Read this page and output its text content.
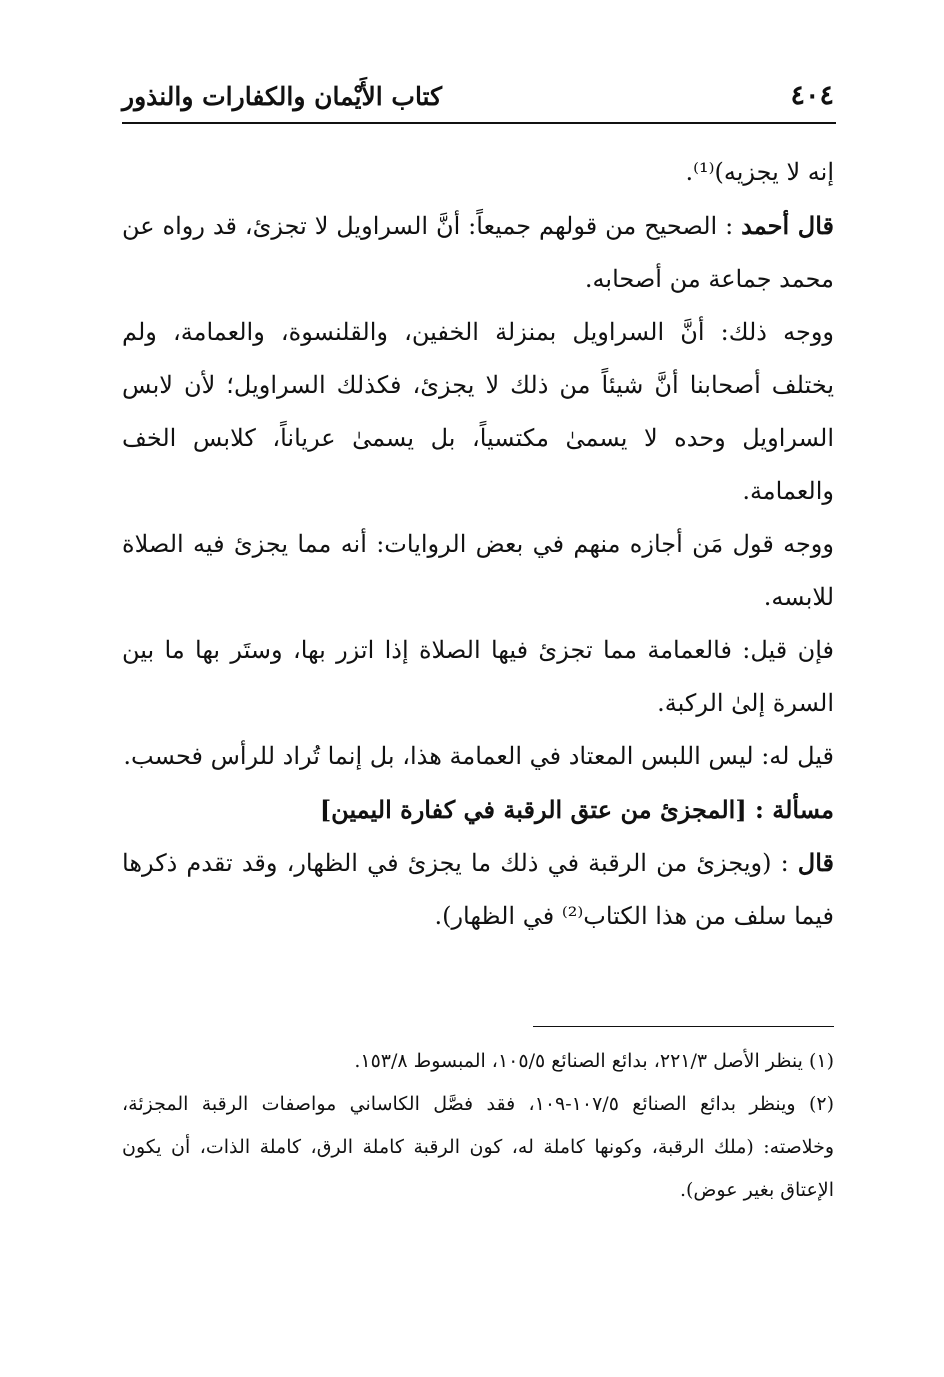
٤٠٤
كتاب الأَيْمان والكفارات والنذور

إنه لا يجزيه)⁽¹⁾.

قال أحمد : الصحيح من قولهم جميعاً: أنَّ السراويل لا تجزئ، قد رواه عن محمد جماعة من أصحابه.

ووجه ذلك: أنَّ السراويل بمنزلة الخفين، والقلنسوة، والعمامة، ولم يختلف أصحابنا أنَّ شيئاً من ذلك لا يجزئ، فكذلك السراويل؛ لأن لابس السراويل وحده لا يسمىٰ مكتسياً، بل يسمىٰ عرياناً، كلابس الخف والعمامة.

ووجه قول مَن أجازه منهم في بعض الروايات: أنه مما يجزئ فيه الصلاة للابسه.

فإن قيل: فالعمامة مما تجزئ فيها الصلاة إذا اتزر بها، وستَر بها ما بين السرة إلىٰ الركبة.

قيل له: ليس اللبس المعتاد في العمامة هذا، بل إنما تُراد للرأس فحسب.

مسألة : [المجزئ من عتق الرقبة في كفارة اليمين]

قال : (ويجزئ من الرقبة في ذلك ما يجزئ في الظهار، وقد تقدم ذكرها فيما سلف من هذا الكتاب⁽²⁾ في الظهار).

(١) ينظر الأصل ٢٢١/٣، بدائع الصنائع ١٠٥/٥، المبسوط ١٥٣/٨.

(٢) وينظر بدائع الصنائع ١٠٧/٥-١٠٩، فقد فصَّل الكاساني مواصفات الرقبة المجزئة، وخلاصته: (ملك الرقبة، وكونها كاملة له، كون الرقبة كاملة الرق، كاملة الذات، أن يكون الإعتاق بغير عوض).
